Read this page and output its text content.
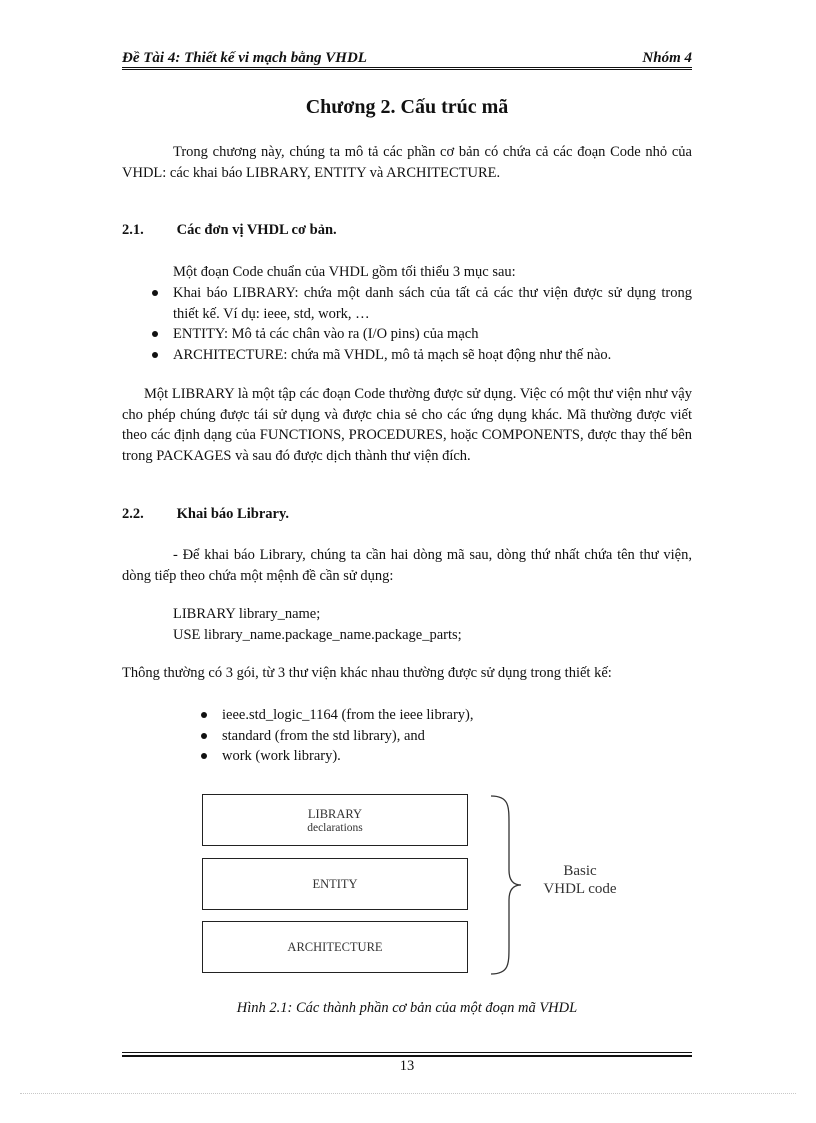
Đề Tài 4: Thiết kế vi mạch bằng VHDL	Nhóm 4
Chương 2. Cấu trúc mã
Trong chương này, chúng ta mô tả các phần cơ bản có chứa cả các đoạn Code nhỏ của VHDL: các khai báo LIBRARY, ENTITY và ARCHITECTURE.
2.1. Các đơn vị VHDL cơ bản.
Một đoạn Code chuẩn của VHDL gồm tối thiểu 3 mục sau:
Khai báo LIBRARY: chứa một danh sách của tất cả các thư viện được sử dụng trong thiết kế. Ví dụ: ieee, std, work, …
ENTITY: Mô tả các chân vào ra (I/O pins) của mạch
ARCHITECTURE: chứa mã VHDL, mô tả mạch sẽ hoạt động như thế nào.
Một LIBRARY là một tập các đoạn Code thường được sử dụng. Việc có một thư viện như vậy cho phép chúng được tái sử dụng và được chia sẻ cho các ứng dụng khác. Mã thường được viết theo các định dạng của FUNCTIONS, PROCEDURES, hoặc COMPONENTS, được thay thế bên trong PACKAGES và sau đó được dịch thành thư viện đích.
2.2. Khai báo Library.
- Để khai báo Library, chúng ta cần hai dòng mã sau, dòng thứ nhất chứa tên thư viện, dòng tiếp theo chứa một mệnh đề cần sử dụng:
LIBRARY library_name;
USE library_name.package_name.package_parts;
Thông thường có 3 gói, từ 3 thư viện khác nhau thường được sử dụng trong thiết kế:
ieee.std_logic_1164 (from the ieee library),
standard (from the std library), and
work (work library).
LIBRARY
declarations
ENTITY
ARCHITECTURE
Basic
VHDL code
Hình 2.1: Các thành phần cơ bản của một đoạn mã VHDL
13
